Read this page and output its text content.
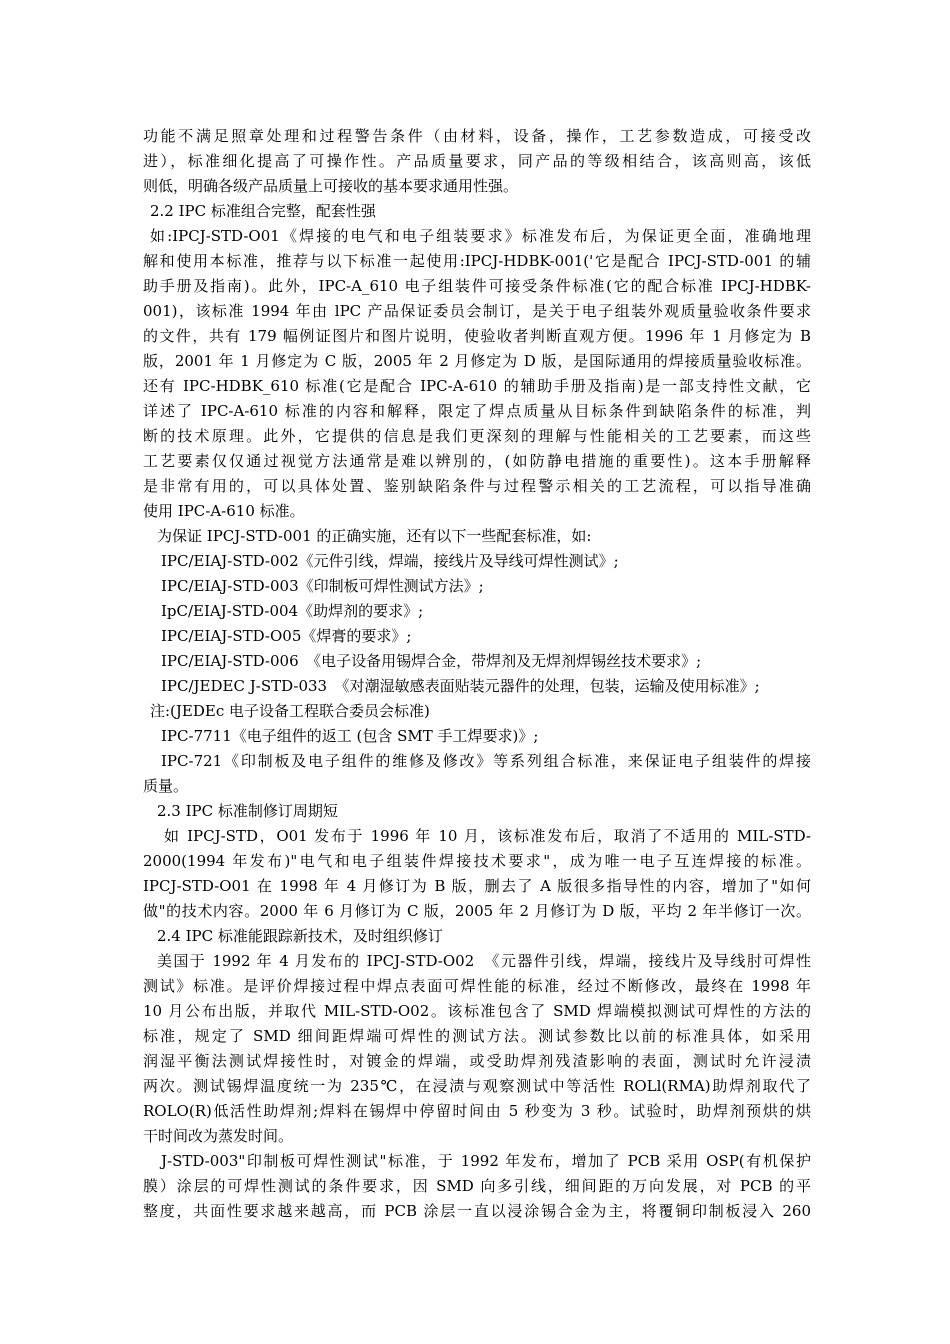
功能不满足照章处理和过程警告条件（由材料，设备，操作，工艺参数造成，可接受改
进），标准细化提高了可操作性。产品质量要求，同产品的等级相结合，该高则高，该低
则低，明确各级产品质量上可接收的基本要求通用性强。
2.2 IPC 标准组合完整，配套性强
如:IPCJ-STD-O01《焊接的电气和电子组装要求》标准发布后，为保证更全面，准确地理
解和使用本标准，推荐与以下标准一起使用:IPCJ-HDBK-001('它是配合 IPCJ-STD-001 的辅
助手册及指南)。此外，IPC-A_610 电子组装件可接受条件标准(它的配合标准 IPCJ-HDBK-
001)，该标准 1994 年由 lPC 产品保证委员会制订，是关于电子组装外观质量验收条件要求
的文件，共有 179 幅例证图片和图片说明，使验收者判断直观方便。1996 年 1 月修定为 B
版，2001 年 1 月修定为 C 版，2005 年 2 月修定为 D 版，是国际通用的焊接质量验收标准。
还有 IPC-HDBK_610 标准(它是配合 IPC-A-610 的辅助手册及指南)是一部支持性文献，它
详述了 IPC-A-610 标准的内容和解释，限定了焊点质量从目标条件到缺陷条件的标准，判
断的技术原理。此外，它提供的信息是我们更深刻的理解与性能相关的工艺要素，而这些
工艺要素仅仅通过视觉方法通常是难以辨別的，(如防静电措施的重要性)。这本手册解释
是非常有用的，可以具体处置、鉴别缺陷条件与过程警示相关的工艺流程，可以指导准确
使用 IPC-A-610 标准。
为保证 IPCJ-STD-001 的正确实施，还有以下一些配套标准，如:
IPC/EIAJ-STD-002《元件引线，焊端，接线片及导线可焊性测试》;
IPC/EIAJ-STD-003《印制板可焊性测试方法》;
IpC/EIAJ-STD-004《助焊剂的要求》;
IPC/EIAJ-STD-O05《焊膏的要求》;
IPC/EIAJ-STD-006　《电子设备用锡焊合金，带焊剂及无焊剂焊锡丝技术要求》;
IPC/JEDEC J-STD-033　《对潮湿敏感表面贴装元器件的处理，包装，运输及使用标准》;
注:(JEDEc 电子设备工程联合委员会标准)
IPC-7711《电子组件的返工 (包含 SMT 手工焊要求)》;
IPC-721《印制板及电子组件的维修及修改》等系列组合标准，来保证电子组装件的焊接
质量。
2.3 IPC 标准制修订周期短
如 IPCJ-STD，O01 发布于 1996 年 10 月，该标准发布后，取消了不适用的 MIL-STD-
2000(1994 年发布)"电气和电子组装件焊接技术要求"，成为唯一电子互连焊接的标准。
IPCJ-STD-O01 在 1998 年 4 月修订为 B 版，删去了 A 版很多指导性的内容，增加了"如何
做"的技术内容。2000 年 6 月修订为 C 版，2005 年 2 月修订为 D 版，平均 2 年半修订一次。
2.4 IPC 标准能跟踪新技术，及时组织修订
美国于 1992 年 4 月发布的 IPCJ-STD-O02　《元器件引线，焊端，接线片及导线肘可焊性
测试》标准。是评价焊接过程中焊点表面可焊性能的标准，经过不断修改，最终在 1998 年
10 月公布出版，并取代 MIL-STD-O02。该标准包含了 SMD 焊端模拟测试可焊性的方法的
标准，规定了 SMD 细间距焊端可焊性的测试方法。测试参数比以前的标准具体，如采用
润湿平衡法测试焊接性时，对镀金的焊端，或受助焊剂残渣影响的表面，测试时允许浸渍
两次。测试锡焊温度统一为 235℃，在浸渍与观察测试中等活性 ROLl(RMA)助焊剂取代了
ROLO(R)低活性助焊剂;焊料在锡焊中停留时间由 5 秒变为 3 秒。试验时，助焊剂预烘的烘
干时间改为蒸发时间。
J-STD-003"印制板可焊性测试"标准，于 1992 年发布，增加了 PCB 采用 OSP(有机保护
膜）涂层的可焊性测试的条件要求，因 SMD 向多引线，细间距的万向发展，对 PCB 的平
整度，共面性要求越来越高，而 PCB 涂层一直以浸涂锡合金为主，将覆铜印制板浸入 260
